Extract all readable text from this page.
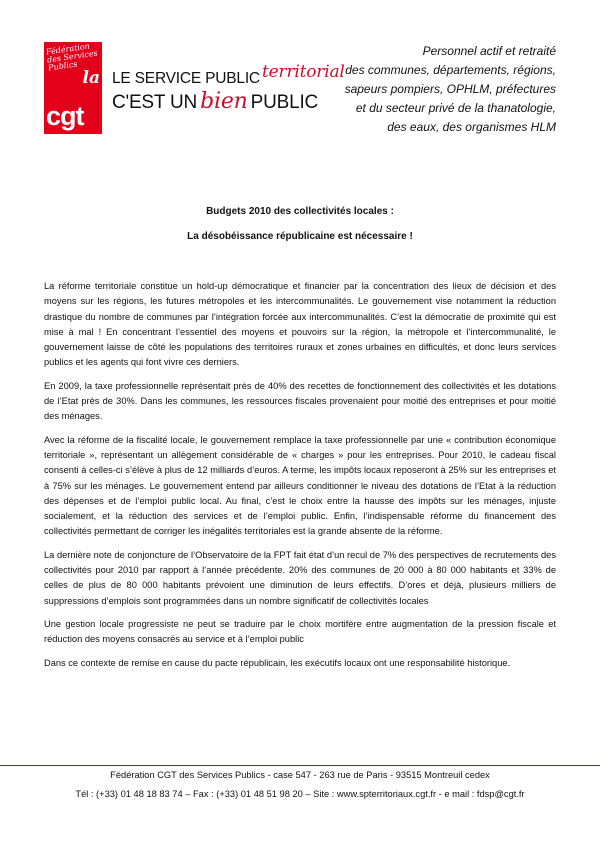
Fédération des Services Publics
la
cgt
LE SERVICE PUBLIC territorial
C'EST UN bien PUBLIC
Personnel actif et retraité
des communes, départements, régions,
sapeurs pompiers, OPHLM, préfectures
et du secteur privé de la thanatologie,
des eaux, des organismes HLM
Budgets 2010 des collectivités locales :
La désobéissance républicaine est nécessaire !

La réforme territoriale constitue un hold-up démocratique et financier par la concentration des lieux de décision et des moyens sur les régions, les futures métropoles et les intercommunalités. Le gouvernement vise notamment la réduction drastique du nombre de communes par l’intégration forcée aux intercommunalités. C’est la démocratie de proximité qui est mise à mal ! En concentrant l’essentiel des moyens et pouvoirs sur la région, la métropole et l’intercommunalité, le gouvernement laisse de côté les populations des territoires ruraux et zones urbaines en difficultés, et donc leurs services publics et les agents qui font vivre ces derniers.

En 2009, la taxe professionnelle représentait près de 40% des recettes de fonctionnement des collectivités et les dotations de l’Etat près de 30%. Dans les communes, les ressources fiscales provenaient pour moitié des entreprises et pour moitié des ménages.

Avec la réforme de la fiscalité locale, le gouvernement remplace la taxe professionnelle par une « contribution économique territoriale », représentant un allègement considérable de « charges » pour les entreprises. Pour 2010, le cadeau fiscal consenti à celles-ci s’élève à plus de 12 milliards d’euros. A terme, les impôts locaux reposeront à 25% sur les entreprises et à 75% sur les ménages. Le gouvernement entend par ailleurs conditionner le niveau des dotations de l’Etat à la réduction des dépenses et de l’emploi public local. Au final, c’est le choix entre la hausse des impôts sur les ménages, injuste socialement, et la réduction des services et de l’emploi public. Enfin, l’indispensable réforme du financement des collectivités permettant de corriger les inégalités territoriales est la grande absente de la réforme.

La dernière note de conjoncture de l’Observatoire de la FPT fait état d’un recul de 7% des perspectives de recrutements des collectivités pour 2010 par rapport à l’année précédente. 20% des communes de 20 000 à 80 000 habitants et 33% de celles de plus de 80 000 habitants prévoient une diminution de leurs effectifs. D’ores et déjà, plusieurs milliers de suppressions d’emplois sont programmées dans un nombre significatif de collectivités locales

Une gestion locale progressiste ne peut se traduire par le choix mortifère entre augmentation de la pression fiscale et réduction des moyens consacrés au service et à l’emploi public

Dans ce contexte de remise en cause du pacte républicain, les exécutifs locaux ont une responsabilité historique.

Fédération CGT des Services Publics - case 547 - 263 rue de Paris - 93515 Montreuil cedex
Tél : (+33) 01 48 18 83 74 – Fax : (+33) 01 48 51 98 20 – Site : www.spterritoriaux.cgt.fr - e mail : fdsp@cgt.fr
